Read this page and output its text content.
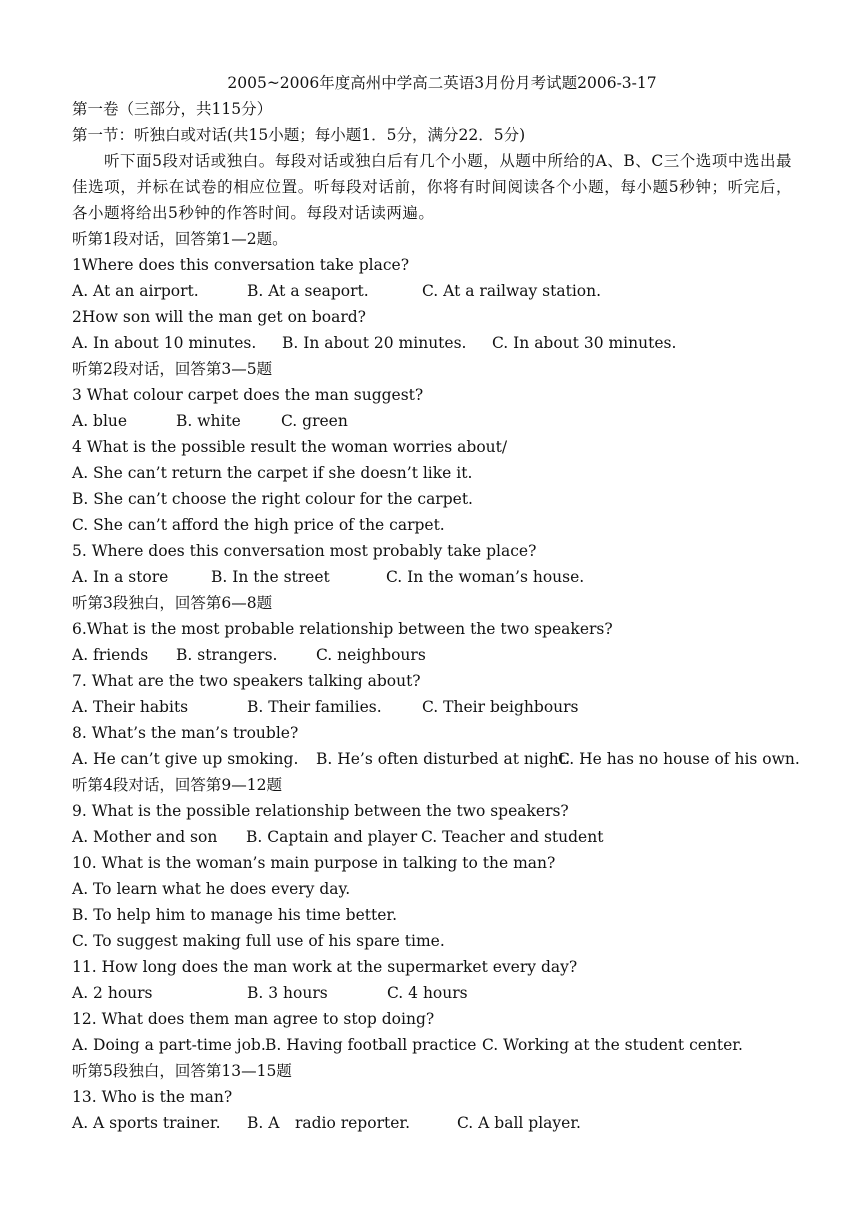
2005~2006年度高州中学高二英语3月份月考试题2006-3-17
第一卷（三部分，共115分）
第一节：听独白或对话(共15小题；每小题1．5分，满分22．5分)

听下面5段对话或独白。每段对话或独白后有几个小题，从题中所给的A、B、C三个选项中选出最佳选项，并标在试卷的相应位置。听每段对话前，你将有时间阅读各个小题，每小题5秒钟；听完后，各小题将给出5秒钟的作答时间。每段对话读两遍。

听第1段对话，回答第1—2题。
1Where does this conversation take place?
A. At an airport.	B. At a seaport.	C. At a railway station.
2How son will the man get on board?
A. In about 10 minutes. B. In about 20 minutes. C. In about 30 minutes.
听第2段对话，回答第3—5题
3 What colour carpet does the man suggest?
A. blue	B. white	C. green
4 What is the possible result the woman worries about/
A. She can’t return the carpet if she doesn’t like it.
B. She can’t choose the right colour for the carpet.
C. She can’t afford the high price of the carpet.
5. Where does this conversation most probably take place?
A. In a store	B. In the street	C. In the woman’s house.
听第3段独白，回答第6—8题
6.What is the most probable relationship between the two speakers?
A. friends B. strangers. C. neighbours
7. What are the two speakers talking about?
A. Their habits	B. Their families.	C. Their beighbours
8. What’s the man’s trouble?
A. He can’t give up smoking. B. He’s often disturbed at night.C. He has no house of his own.
听第4段对话，回答第9—12题
9. What is the possible relationship between the two speakers?
A. Mother and son B. Captain and player C. Teacher and student
10. What is the woman’s main purpose in talking to the man?
A. To learn what he does every day.
B. To help him to manage his time better.
C. To suggest making full use of his spare time.
11. How long does the man work at the supermarket every day?
A. 2 hours	B. 3 hours	C. 4 hours
12. What does them man agree to stop doing?
A. Doing a part-time job.B. Having football practice C. Working at the student center.
听第5段独白，回答第13—15题
13. Who is the man?
A. A sports trainer. B. A　radio reporter.	C. A ball player.
